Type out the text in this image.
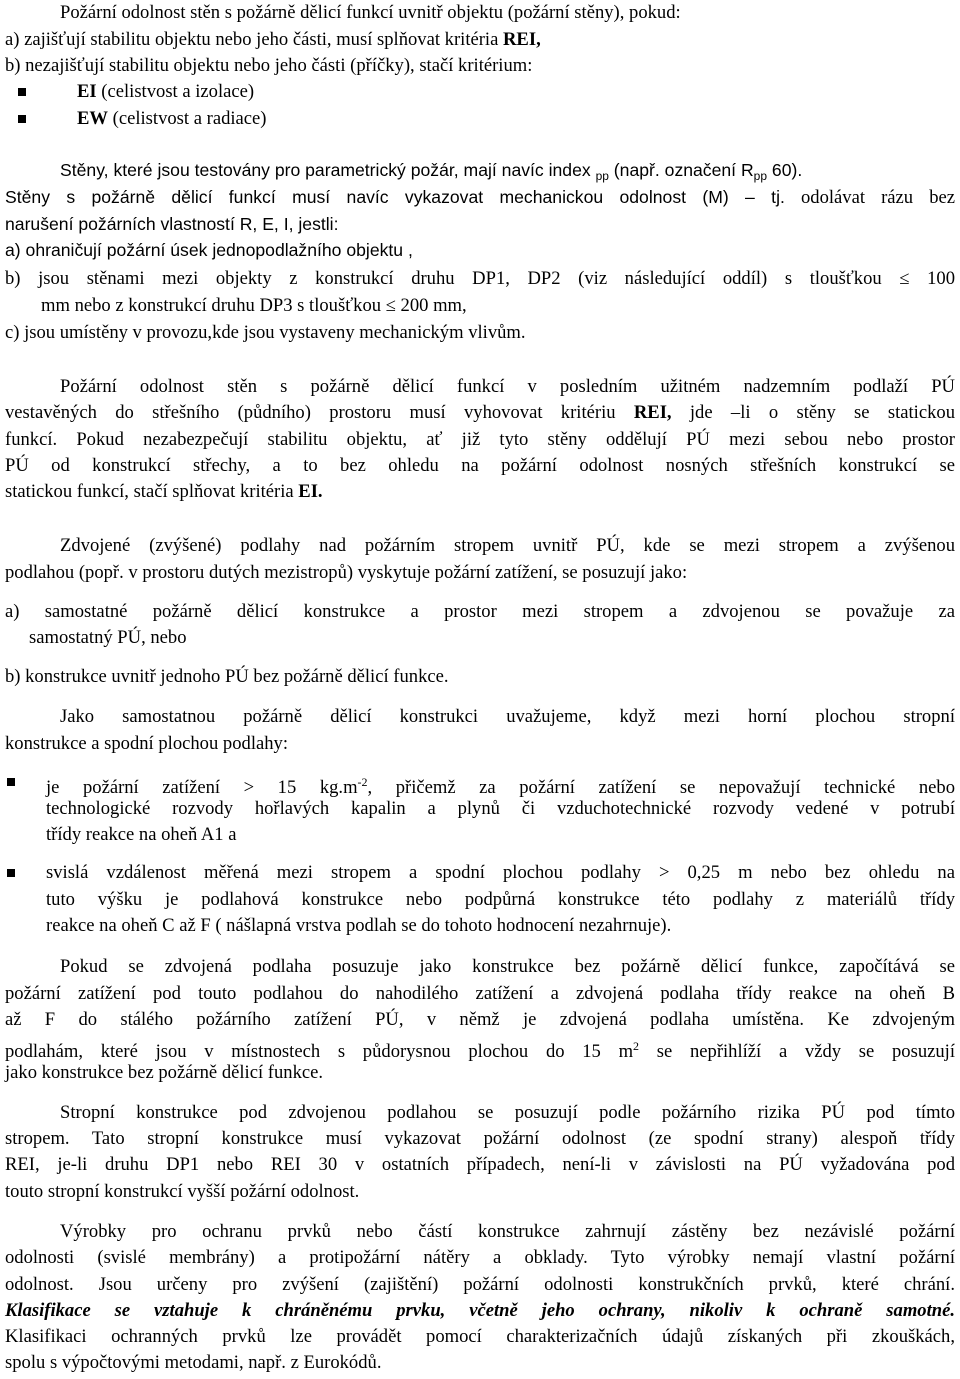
Požární odolnost stěn s požárně dělicí funkcí uvnitř objektu (požární stěny), pokud:
a) zajišťují stabilitu objektu nebo jeho části, musí splňovat kritéria REI,
b) nezajišťují stabilitu objektu nebo jeho části (příčky), stačí kritérium:
EI (celistvost a izolace)
EW (celistvost a radiace)
Stěny, které jsou testovány pro parametrický požár, mají navíc index $_{pp}$ (např. označení $R_{pp}$ 60).
Stěny s požárně dělicí funkcí musí navíc vykazovat mechanickou odolnost (M) – tj. odolávat rázu bez
narušení požárních vlastností R, E, I, jestli:
a) ohraničují požární úsek jednopodlažního objektu ,
b) jsou stěnami mezi objekty z konstrukcí druhu DP1, DP2 (viz následující oddíl) s tloušťkou ≤ 100
mm nebo z konstrukcí druhu DP3 s tloušťkou ≤ 200 mm,
c) jsou umístěny v provozu,kde jsou vystaveny mechanickým vlivům.
Požární odolnost stěn s požárně dělicí funkcí v posledním užitném nadzemním podlaží PÚ
vestavěných do střešního (půdního) prostoru musí vyhovovat kritériu REI, jde –li o stěny se statickou
funkcí. Pokud nezabezpečují stabilitu objektu, ať již tyto stěny oddělují PÚ mezi sebou nebo prostor
PÚ od konstrukcí střechy, a to bez ohledu na požární odolnost nosných střešních konstrukcí se
statickou funkcí, stačí splňovat kritéria EI.
Zdvojené (zvýšené) podlahy nad požárním stropem uvnitř PÚ, kde se mezi stropem a zvýšenou
podlahou (popř. v prostoru dutých mezistropů) vyskytuje požární zatížení, se posuzují jako:
a) samostatné požárně dělicí konstrukce a prostor mezi stropem a zdvojenou se považuje za
samostatný PÚ, nebo
b) konstrukce uvnitř jednoho PÚ bez požárně dělicí funkce.
Jako samostatnou požárně dělicí konstrukci uvažujeme, když mezi horní plochou stropní
konstrukce a spodní plochou podlahy:
je požární zatížení > 15 $kg.m^{-2}$, přičemž za požární zatížení se nepovažují technické nebo
technologické rozvody hořlavých kapalin a plynů či vzduchotechnické rozvody vedené v potrubí
třídy reakce na oheň A1 a
svislá vzdálenost měřená mezi stropem a spodní plochou podlahy > 0,25 m nebo bez ohledu na
tuto výšku je podlahová konstrukce nebo podpůrná konstrukce této podlahy z materiálů třídy
reakce na oheň C až F ( nášlapná vrstva podlah se do tohoto hodnocení nezahrnuje).
Pokud se zdvojená podlaha posuzuje jako konstrukce bez požárně dělicí funkce, započítává se
požární zatížení pod touto podlahou do nahodilého zatížení a zdvojená podlaha třídy reakce na oheň B
až F do stálého požárního zatížení PÚ, v němž je zdvojená podlaha umístěna. Ke zdvojeným
podlahám, které jsou v místnostech s půdorysnou plochou do 15 $m^2$ se nepřihlíží a vždy se posuzují
jako konstrukce bez požárně dělicí funkce.
Stropní konstrukce pod zdvojenou podlahou se posuzují podle požárního rizika PÚ pod tímto
stropem. Tato stropní konstrukce musí vykazovat požární odolnost (ze spodní strany) alespoň třídy
REI, je-li druhu DP1 nebo REI 30 v ostatních případech, není-li v závislosti na PÚ vyžadována pod
touto stropní konstrukcí vyšší požární odolnost.
Výrobky pro ochranu prvků nebo částí konstrukce zahrnují zástěny bez nezávislé požární
odolnosti (svislé membrány) a protipožární nátěry a obklady. Tyto výrobky nemají vlastní požární
odolnost. Jsou určeny pro zvýšení (zajištění) požární odolnosti konstrukčních prvků, které chrání.
Klasifikace se vztahuje k chráněnému prvku, včetně jeho ochrany, nikoliv k ochraně samotné.
Klasifikaci ochranných prvků lze provádět pomocí charakterizačních údajů získaných při zkouškách,
spolu s výpočtovými metodami, např. z Eurokódů.
